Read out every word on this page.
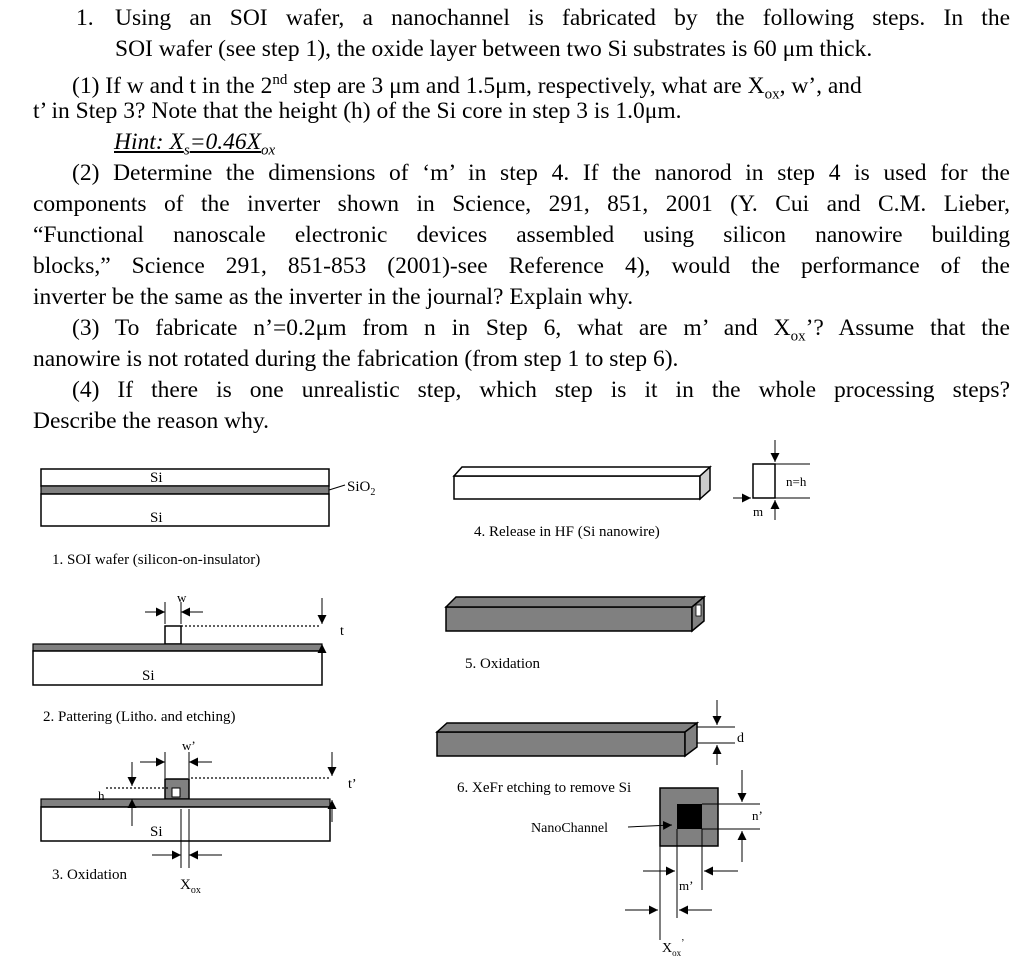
1. Using an SOI wafer, a nanochannel is fabricated by the following steps. In the
SOI wafer (see step 1), the oxide layer between two Si substrates is 60 μm thick.
(1) If w and t in the 2nd step are 3 μm and 1.5μm, respectively, what are $X_{ox}$, w’, and
t’ in Step 3? Note that the height (h) of the Si core in step 3 is 1.0μm.
Hint: $X_s=0.46X_{ox}$
(2) Determine the dimensions of ‘m’ in step 4. If the nanorod in step 4 is used for the
components of the inverter shown in Science, 291, 851, 2001 (Y. Cui and C.M. Lieber,
“Functional nanoscale electronic devices assembled using silicon nanowire building
blocks,” Science 291, 851-853 (2001)-see Reference 4), would the performance of the
inverter be the same as the inverter in the journal? Explain why.
(3) To fabricate n’=0.2μm from n in Step 6, what are m’ and $X_{ox}$’? Assume that the
nanowire is not rotated during the fabrication (from step 1 to step 6).
(4) If there is one unrealistic step, which step is it in the whole processing steps?
Describe the reason why.
Si
Si
SiO$_2$
1. SOI wafer (silicon-on-insulator)
Si
w
t
2. Pattering (Litho. and etching)
Si
w’
t’
h
$X_{ox}$
3. Oxidation
n=h
m
4. Release in HF (Si nanowire)
5. Oxidation
d
6. XeFr etching to remove Si
NanoChannel
n’
m’
$X_{ox}^’$
